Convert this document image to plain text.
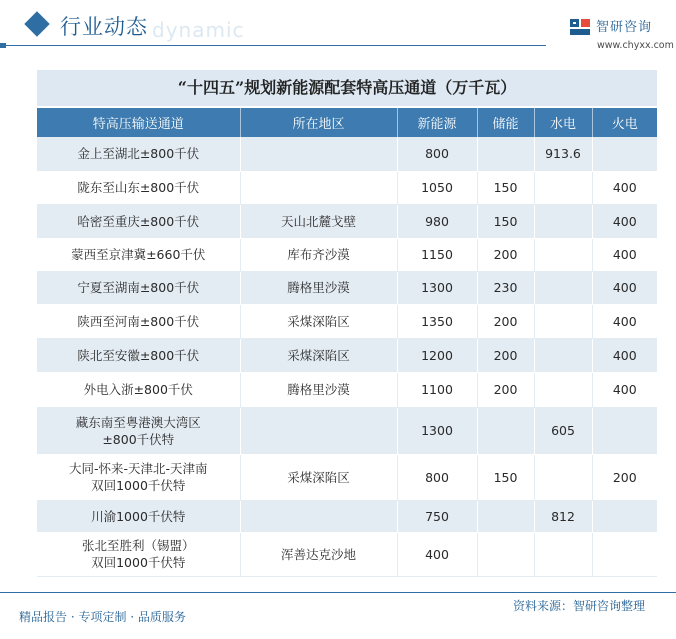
行业动态 dynamic	智研咨询
www.chyxx.com
“十四五”规划新能源配套特高压通道（万千瓦）
特高压输送通道	所在地区	新能源	储能	水电	火电
金上至湖北±800千伏		800		913.6	
陇东至山东±800千伏		1050	150		400
哈密至重庆±800千伏	天山北麓戈壁	980	150		400
蒙西至京津冀±660千伏	库布齐沙漠	1150	200		400
宁夏至湖南±800千伏	腾格里沙漠	1300	230		400
陕西至河南±800千伏	采煤深陷区	1350	200		400
陕北至安徽±800千伏	采煤深陷区	1200	200		400
外电入浙±800千伏	腾格里沙漠	1100	200		400

藏东南至粤港澳大湾区
±800千伏特		1300		605	

大同-怀来-天津北-天津南
双回1000千伏特	采煤深陷区	800	150		200
川渝1000千伏特		750		812	

张北至胜利（锡盟）
双回1000千伏特	浑善达克沙地	400			
精品报告 · 专项定制 · 品质服务
资料来源：智研咨询整理
